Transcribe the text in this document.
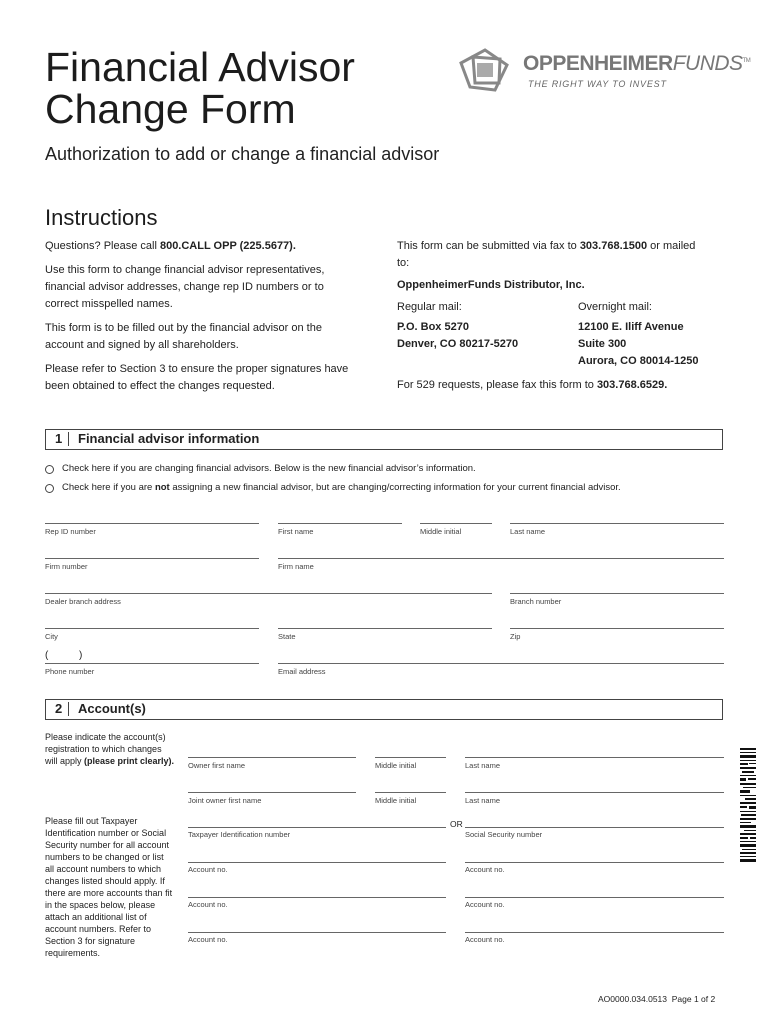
Financial Advisor
Change Form
Authorization to add or change a financial advisor
OPPENHEIMERFUNDS™
THE RIGHT WAY TO INVEST
Instructions
Questions? Please call 800.CALL OPP (225.5677).
Use this form to change financial advisor representatives, financial advisor addresses, change rep ID numbers or to correct misspelled names.
This form is to be filled out by the financial advisor on the account and signed by all shareholders.
Please refer to Section 3 to ensure the proper signatures have been obtained to effect the changes requested.
This form can be submitted via fax to 303.768.1500 or mailed to:
OppenheimerFunds Distributor, Inc.
Regular mail:	Overnight mail:
P.O. Box 5270
Denver, CO 80217-5270
12100 E. Iliff Avenue
Suite 300
Aurora, CO 80014-1250
For 529 requests, please fax this form to 303.768.6529.
1 Financial advisor information
Check here if you are changing financial advisors. Below is the new financial advisor’s information.
Check here if you are not assigning a new financial advisor, but are changing/correcting information for your current financial advisor.
Rep ID number	First name	Middle initial	Last name
Firm number	Firm name
Dealer branch address	Branch number
City	State	Zip
(	)
Phone number	Email address
2 Account(s)
Please indicate the account(s) registration to which changes will apply (please print clearly).
Please fill out Taxpayer Identification number or Social Security number for all account numbers to be changed or list all account numbers to which changes listed should apply. If there are more accounts than fit in the spaces below, please attach an additional list of account numbers. Refer to Section 3 for signature requirements.
Owner first name	Middle initial	Last name
Joint owner first name	Middle initial	Last name
Taxpayer Identification number
OR
Social Security number
Account no.	Account no.
Account no.	Account no.
Account no.	Account no.
AO0000.034.0513 Page 1 of 2
